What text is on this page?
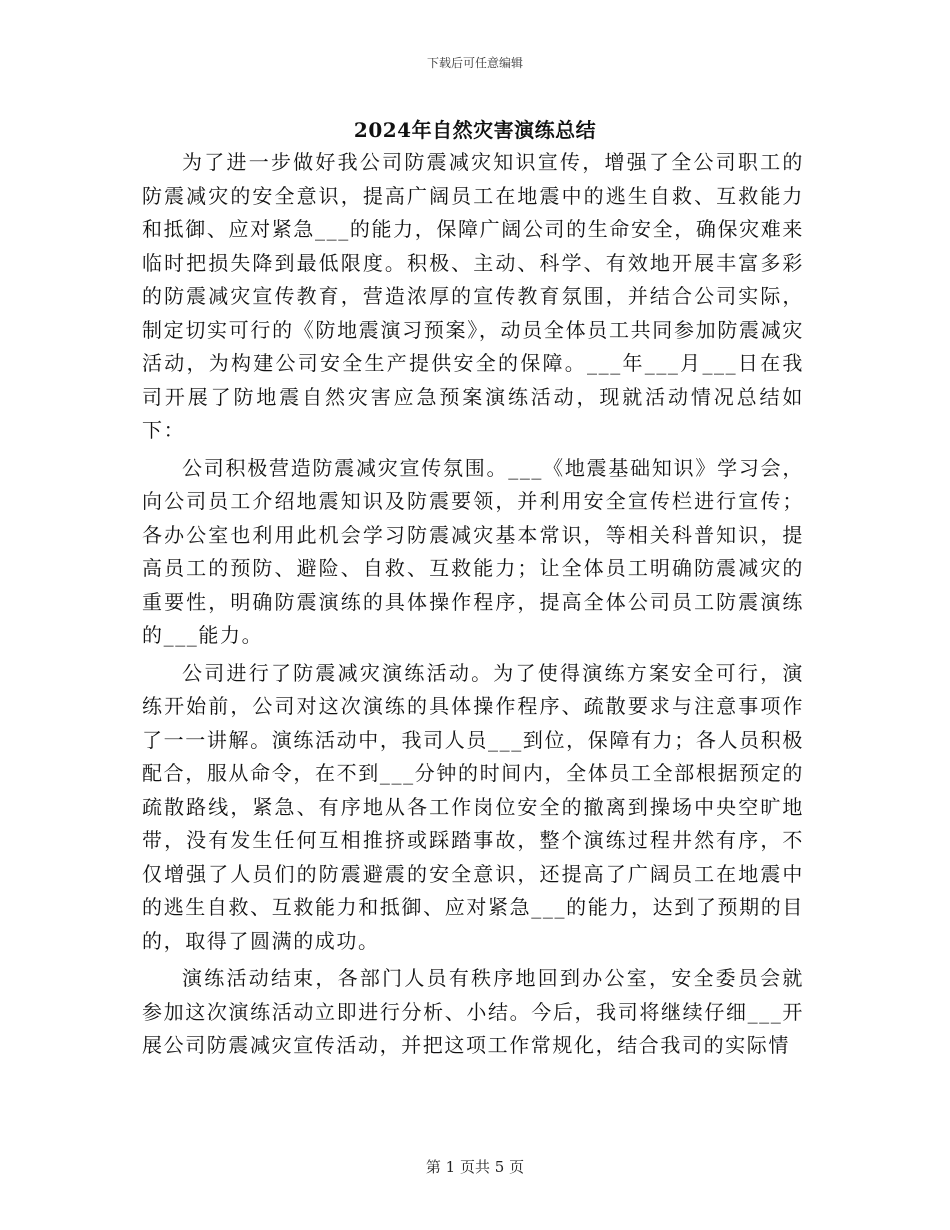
下载后可任意编辑
2024年自然灾害演练总结

为了进一步做好我公司防震减灾知识宣传，增强了全公司职工的防震减灾的安全意识，提高广阔员工在地震中的逃生自救、互救能力和抵御、应对紧急___的能力，保障广阔公司的生命安全，确保灾难来临时把损失降到最低限度。积极、主动、科学、有效地开展丰富多彩的防震减灾宣传教育，营造浓厚的宣传教育氛围，并结合公司实际，制定切实可行的《防地震演习预案》，动员全体员工共同参加防震减灾活动，为构建公司安全生产提供安全的保障。___年___月___日在我司开展了防地震自然灾害应急预案演练活动，现就活动情况总结如下：

公司积极营造防震减灾宣传氛围。___《地震基础知识》学习会，向公司员工介绍地震知识及防震要领，并利用安全宣传栏进行宣传；各办公室也利用此机会学习防震减灾基本常识，等相关科普知识，提高员工的预防、避险、自救、互救能力；让全体员工明确防震减灾的重要性，明确防震演练的具体操作程序，提高全体公司员工防震演练的___能力。

公司进行了防震减灾演练活动。为了使得演练方案安全可行，演练开始前，公司对这次演练的具体操作程序、疏散要求与注意事项作了一一讲解。演练活动中，我司人员___到位，保障有力；各人员积极配合，服从命令，在不到___分钟的时间内，全体员工全部根据预定的疏散路线，紧急、有序地从各工作岗位安全的撤离到操场中央空旷地带，没有发生任何互相推挤或踩踏事故，整个演练过程井然有序，不仅增强了人员们的防震避震的安全意识，还提高了广阔员工在地震中的逃生自救、互救能力和抵御、应对紧急___的能力，达到了预期的目的，取得了圆满的成功。

演练活动结束，各部门人员有秩序地回到办公室，安全委员会就参加这次演练活动立即进行分析、小结。今后，我司将继续仔细___开展公司防震减灾宣传活动，并把这项工作常规化，结合我司的实际情

第 1 页共 5 页
